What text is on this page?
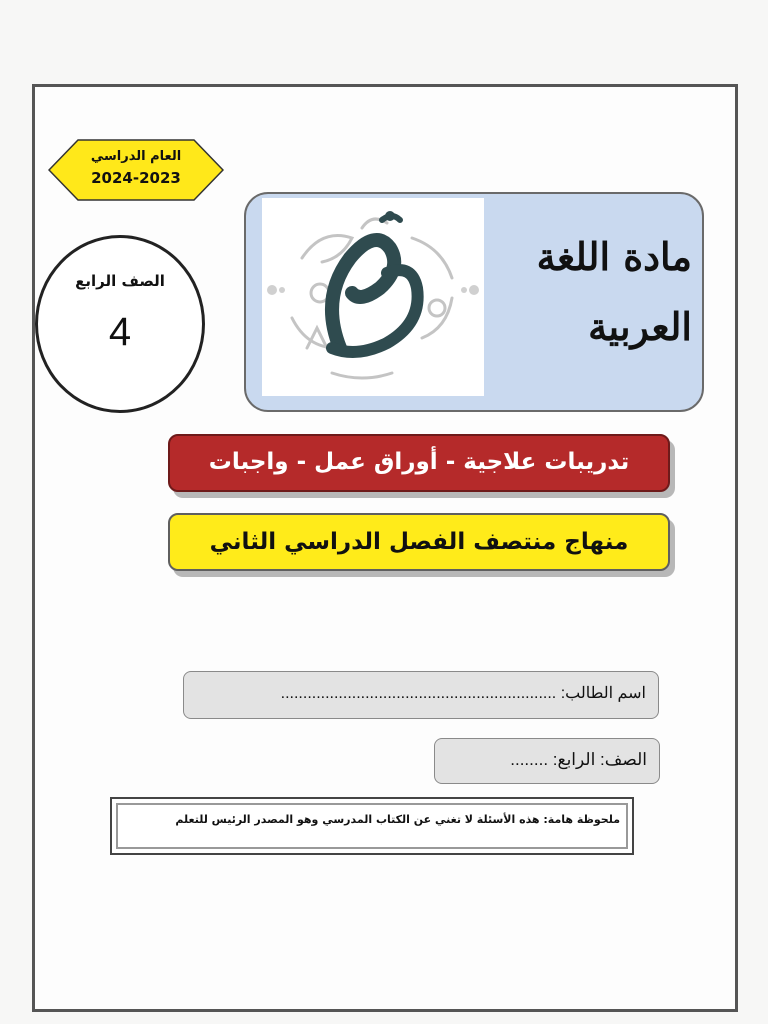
العام الدراسي
2024-2023
الصف الرابع
4
مادة اللغة
العربية
تدريبات علاجية - أوراق عمل - واجبات
منهاج منتصف الفصل الدراسي الثاني
اسم الطالب: ..............................................................
الصف: الرابع: ........
ملحوظة هامة: هذه الأسئلة لا تغني عن الكتاب المدرسي وهو المصدر الرئيس للتعلم
